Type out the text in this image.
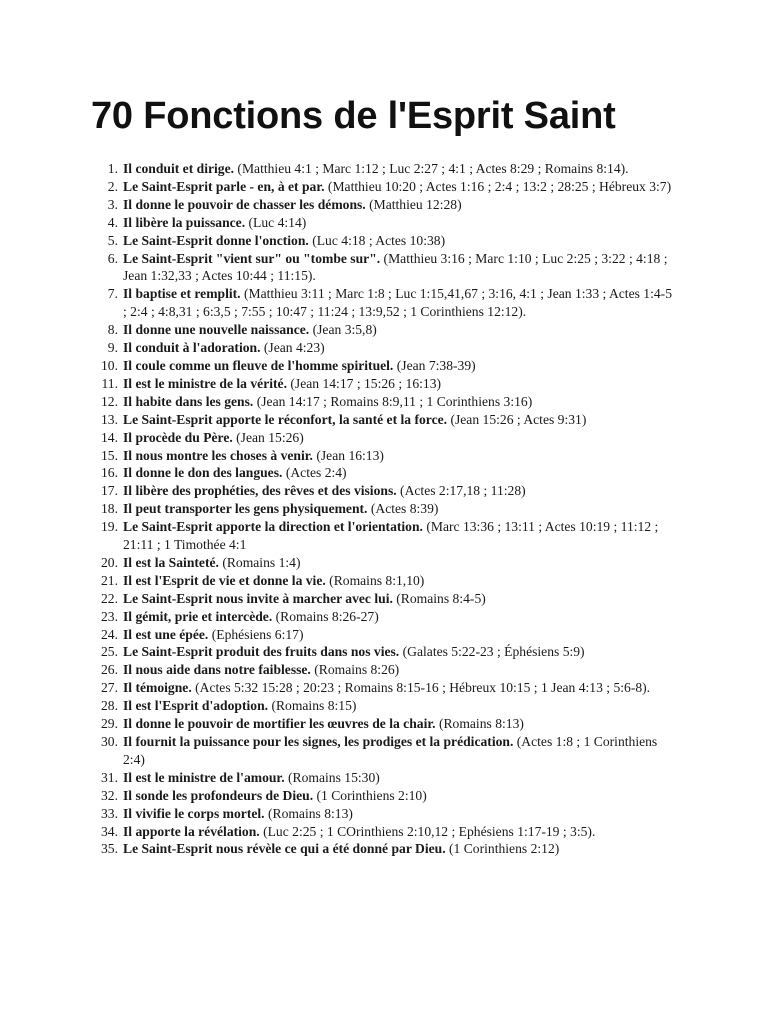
70 Fonctions de l'Esprit Saint
1. Il conduit et dirige. (Matthieu 4:1 ; Marc 1:12 ; Luc 2:27 ; 4:1 ; Actes 8:29 ; Romains 8:14).
2. Le Saint-Esprit parle - en, à et par. (Matthieu 10:20 ; Actes 1:16 ; 2:4 ; 13:2 ; 28:25 ; Hébreux 3:7)
3. Il donne le pouvoir de chasser les démons. (Matthieu 12:28)
4. Il libère la puissance. (Luc 4:14)
5. Le Saint-Esprit donne l'onction. (Luc 4:18 ; Actes 10:38)
6. Le Saint-Esprit "vient sur" ou "tombe sur". (Matthieu 3:16 ; Marc 1:10 ; Luc 2:25 ; 3:22 ; 4:18 ; Jean 1:32,33 ; Actes 10:44 ; 11:15).
7. Il baptise et remplit. (Matthieu 3:11 ; Marc 1:8 ; Luc 1:15,41,67 ; 3:16, 4:1 ; Jean 1:33 ; Actes 1:4-5 ; 2:4 ; 4:8,31 ; 6:3,5 ; 7:55 ; 10:47 ; 11:24 ; 13:9,52 ; 1 Corinthiens 12:12).
8. Il donne une nouvelle naissance. (Jean 3:5,8)
9. Il conduit à l'adoration. (Jean 4:23)
10. Il coule comme un fleuve de l'homme spirituel. (Jean 7:38-39)
11. Il est le ministre de la vérité. (Jean 14:17 ; 15:26 ; 16:13)
12. Il habite dans les gens. (Jean 14:17 ; Romains 8:9,11 ; 1 Corinthiens 3:16)
13. Le Saint-Esprit apporte le réconfort, la santé et la force. (Jean 15:26 ; Actes 9:31)
14. Il procède du Père. (Jean 15:26)
15. Il nous montre les choses à venir. (Jean 16:13)
16. Il donne le don des langues. (Actes 2:4)
17. Il libère des prophéties, des rêves et des visions. (Actes 2:17,18 ; 11:28)
18. Il peut transporter les gens physiquement. (Actes 8:39)
19. Le Saint-Esprit apporte la direction et l'orientation. (Marc 13:36 ; 13:11 ; Actes 10:19 ; 11:12 ; 21:11 ; 1 Timothée 4:1
20. Il est la Sainteté. (Romains 1:4)
21. Il est l'Esprit de vie et donne la vie. (Romains 8:1,10)
22. Le Saint-Esprit nous invite à marcher avec lui. (Romains 8:4-5)
23. Il gémit, prie et intercède. (Romains 8:26-27)
24. Il est une épée. (Ephésiens 6:17)
25. Le Saint-Esprit produit des fruits dans nos vies. (Galates 5:22-23 ; Éphésiens 5:9)
26. Il nous aide dans notre faiblesse. (Romains 8:26)
27. Il témoigne. (Actes 5:32 15:28 ; 20:23 ; Romains 8:15-16 ; Hébreux 10:15 ; 1 Jean 4:13 ; 5:6-8).
28. Il est l'Esprit d'adoption. (Romains 8:15)
29. Il donne le pouvoir de mortifier les œuvres de la chair. (Romains 8:13)
30. Il fournit la puissance pour les signes, les prodiges et la prédication. (Actes 1:8 ; 1 Corinthiens 2:4)
31. Il est le ministre de l'amour. (Romains 15:30)
32. Il sonde les profondeurs de Dieu. (1 Corinthiens 2:10)
33. Il vivifie le corps mortel. (Romains 8:13)
34. Il apporte la révélation. (Luc 2:25 ; 1 COrinthiens 2:10,12 ; Ephésiens 1:17-19 ; 3:5).
35. Le Saint-Esprit nous révèle ce qui a été donné par Dieu. (1 Corinthiens 2:12)
